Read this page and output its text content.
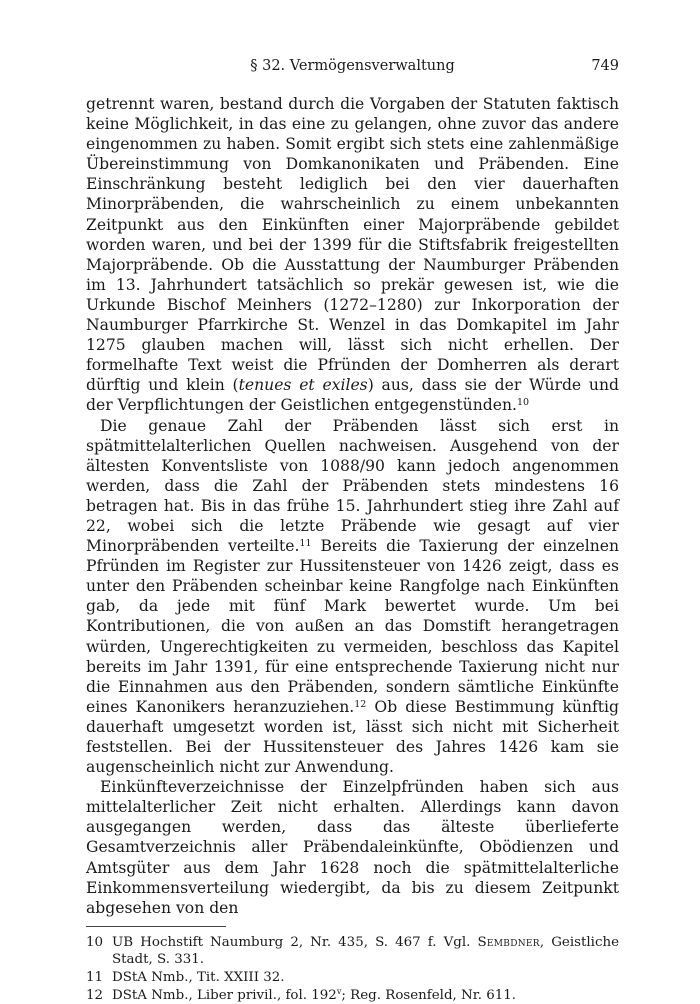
§ 32. Vermögensverwaltung	749

getrennt waren, bestand durch die Vorgaben der Statuten faktisch keine Möglichkeit, in das eine zu gelangen, ohne zuvor das andere eingenommen zu haben. Somit ergibt sich stets eine zahlenmäßige Übereinstimmung von Domkanonikaten und Präbenden. Eine Einschränkung besteht lediglich bei den vier dauerhaften Minorpräbenden, die wahrscheinlich zu einem unbekannten Zeitpunkt aus den Einkünften einer Majorpräbende gebildet worden waren, und bei der 1399 für die Stiftsfabrik freigestellten Majorpräbende. Ob die Ausstattung der Naumburger Präbenden im 13. Jahrhundert tatsächlich so prekär gewesen ist, wie die Urkunde Bischof Meinhers (1272–1280) zur Inkorporation der Naumburger Pfarrkirche St. Wenzel in das Domkapitel im Jahr 1275 glauben machen will, lässt sich nicht erhellen. Der formelhafte Text weist die Pfründen der Domherren als derart dürftig und klein (tenues et exiles) aus, dass sie der Würde und der Verpflichtungen der Geistlichen entgegenstünden.$^{10}$

Die genaue Zahl der Präbenden lässt sich erst in spätmittelalterlichen Quellen nachweisen. Ausgehend von der ältesten Konventsliste von 1088/90 kann jedoch angenommen werden, dass die Zahl der Präbenden stets mindestens 16 betragen hat. Bis in das frühe 15. Jahrhundert stieg ihre Zahl auf 22, wobei sich die letzte Präbende wie gesagt auf vier Minorpräbenden verteilte.$^{11}$ Bereits die Taxierung der einzelnen Pfründen im Register zur Hussitensteuer von 1426 zeigt, dass es unter den Präbenden scheinbar keine Rangfolge nach Einkünften gab, da jede mit fünf Mark bewertet wurde. Um bei Kontributionen, die von außen an das Domstift herangetragen würden, Ungerechtigkeiten zu vermeiden, beschloss das Kapitel bereits im Jahr 1391, für eine entsprechende Taxierung nicht nur die Einnahmen aus den Präbenden, sondern sämtliche Einkünfte eines Kanonikers heranzuziehen.$^{12}$ Ob diese Bestimmung künftig dauerhaft umgesetzt worden ist, lässt sich nicht mit Sicherheit feststellen. Bei der Hussitensteuer des Jahres 1426 kam sie augenscheinlich nicht zur Anwendung.

Einkünfteverzeichnisse der Einzelpfründen haben sich aus mittelalterlicher Zeit nicht erhalten. Allerdings kann davon ausgegangen werden, dass das älteste überlieferte Gesamtverzeichnis aller Präbendaleinkünfte, Obödienzen und Amtsgüter aus dem Jahr 1628 noch die spätmittelalterliche Einkommensverteilung wiedergibt, da bis zu diesem Zeitpunkt abgesehen von den

10 UB Hochstift Naumburg 2, Nr. 435, S. 467 f. Vgl. Sembdner, Geistliche Stadt, S. 331.
11 DStA Nmb., Tit. XXIII 32.
12 DStA Nmb., Liber privil., fol. 192$^v$; Reg. Rosenfeld, Nr. 611.
